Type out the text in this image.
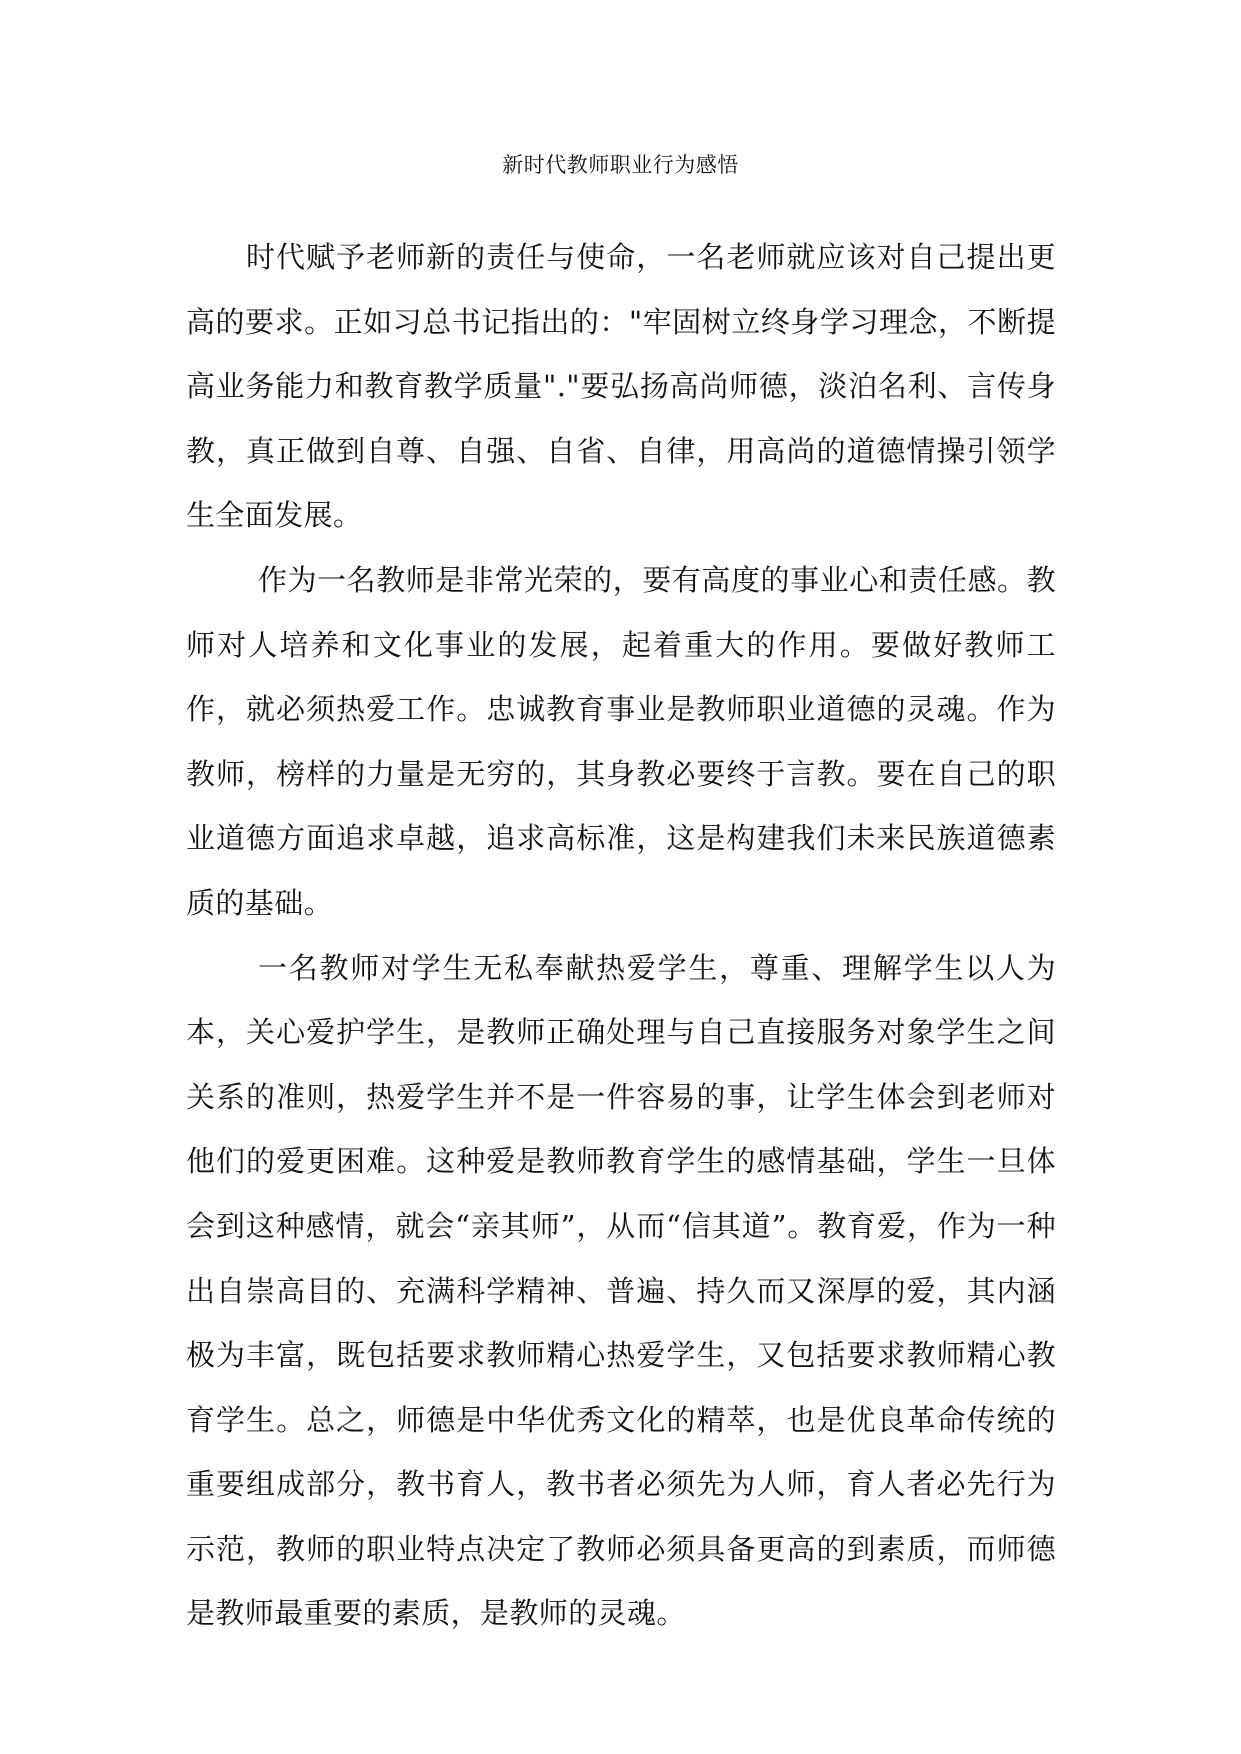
新时代教师职业行为感悟

时代赋予老师新的责任与使命，一名老师就应该对自己提出更高的要求。正如习总书记指出的："牢固树立终身学习理念，不断提高业务能力和教育教学质量"."要弘扬高尚师德，淡泊名利、言传身教，真正做到自尊、自强、自省、自律，用高尚的道德情操引领学生全面发展。

作为一名教师是非常光荣的，要有高度的事业心和责任感。教师对人培养和文化事业的发展，起着重大的作用。要做好教师工作，就必须热爱工作。忠诚教育事业是教师职业道德的灵魂。作为教师，榜样的力量是无穷的，其身教必要终于言教。要在自己的职业道德方面追求卓越，追求高标准，这是构建我们未来民族道德素质的基础。

一名教师对学生无私奉献热爱学生，尊重、理解学生以人为本，关心爱护学生，是教师正确处理与自己直接服务对象学生之间关系的准则，热爱学生并不是一件容易的事，让学生体会到老师对他们的爱更困难。这种爱是教师教育学生的感情基础，学生一旦体会到这种感情，就会“亲其师”，从而“信其道”。教育爱，作为一种出自崇高目的、充满科学精神、普遍、持久而又深厚的爱，其内涵极为丰富，既包括要求教师精心热爱学生，又包括要求教师精心教育学生。总之，师德是中华优秀文化的精萃，也是优良革命传统的重要组成部分，教书育人，教书者必须先为人师，育人者必先行为示范，教师的职业特点决定了教师必须具备更高的到素质，而师德是教师最重要的素质，是教师的灵魂。
